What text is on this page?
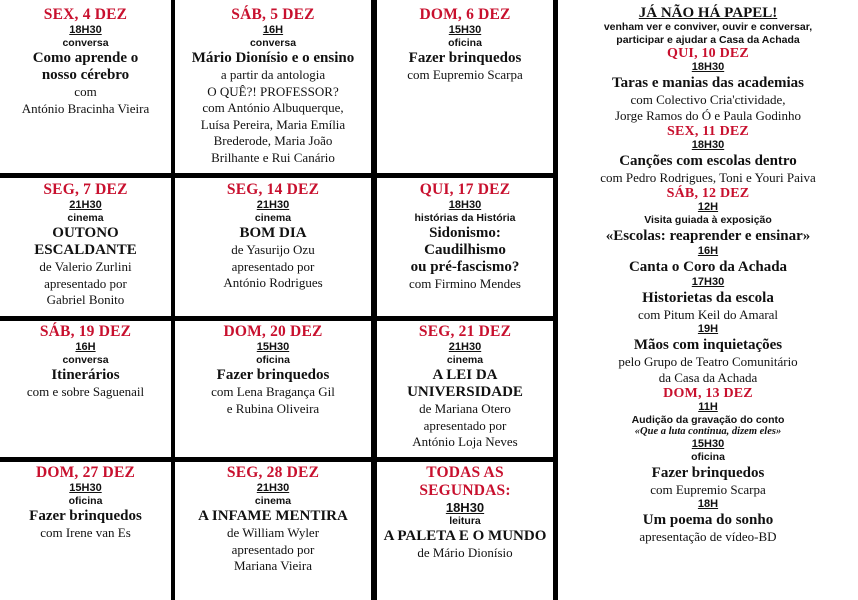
SEX, 4 DEZ
18H30
conversa
Como aprende o
nosso cérebro
com
António Bracinha Vieira
SÁB, 5 DEZ
16H
conversa
Mário Dionísio e o ensino
a partir da antologia
O QUÊ?! PROFESSOR?
com António Albuquerque,
Luísa Pereira, Maria Emília
Brederode, Maria João
Brilhante e Rui Canário
DOM, 6 DEZ
15H30
oficina
Fazer brinquedos
com Eupremio Scarpa
SEG, 7 DEZ
21H30
cinema
OUTONO
ESCALDANTE
de Valerio Zurlini
apresentado por
Gabriel Bonito
SEG, 14 DEZ
21H30
cinema
BOM DIA
de Yasurijo Ozu
apresentado por
António Rodrigues
QUI, 17 DEZ
18H30
histórias da História
Sidonismo:
Caudilhismo
ou pré-fascismo?
com Firmino Mendes
SÁB, 19 DEZ
16H
conversa
Itinerários
com e sobre Saguenail
DOM, 20 DEZ
15H30
oficina
Fazer brinquedos
com Lena Bragança Gil
e Rubina Oliveira
SEG, 21 DEZ
21H30
cinema
A LEI DA
UNIVERSIDADE
de Mariana Otero
apresentado por
António Loja Neves
DOM, 27 DEZ
15H30
oficina
Fazer brinquedos
com Irene van Es
SEG, 28 DEZ
21H30
cinema
A INFAME MENTIRA
de William Wyler
apresentado por
Mariana Vieira
TODAS AS SEGUNDAS:
18H30
leitura
A PALETA E O MUNDO
de Mário Dionísio
JÁ NÃO HÁ PAPEL!
venham ver e conviver, ouvir e conversar,
participar e ajudar a Casa da Achada
QUI, 10 DEZ
18H30
Taras e manias das academias
com Colectivo Cria'ctividade,
Jorge Ramos do Ó e Paula Godinho
SEX, 11 DEZ
18H30
Canções com escolas dentro
com Pedro Rodrigues, Toni e Youri Paiva
SÁB, 12 DEZ
12H
Visita guiada à exposição
«Escolas: reaprender e ensinar»
16H
Canta o Coro da Achada
17H30
Historietas da escola
com Pitum Keil do Amaral
19H
Mãos com inquietações
pelo Grupo de Teatro Comunitário
da Casa da Achada
DOM, 13 DEZ
11H
Audição da gravação do conto
«Que a luta continua, dizem eles»
15H30
oficina
Fazer brinquedos
com Eupremio Scarpa
18H
Um poema do sonho
apresentação de vídeo-BD
